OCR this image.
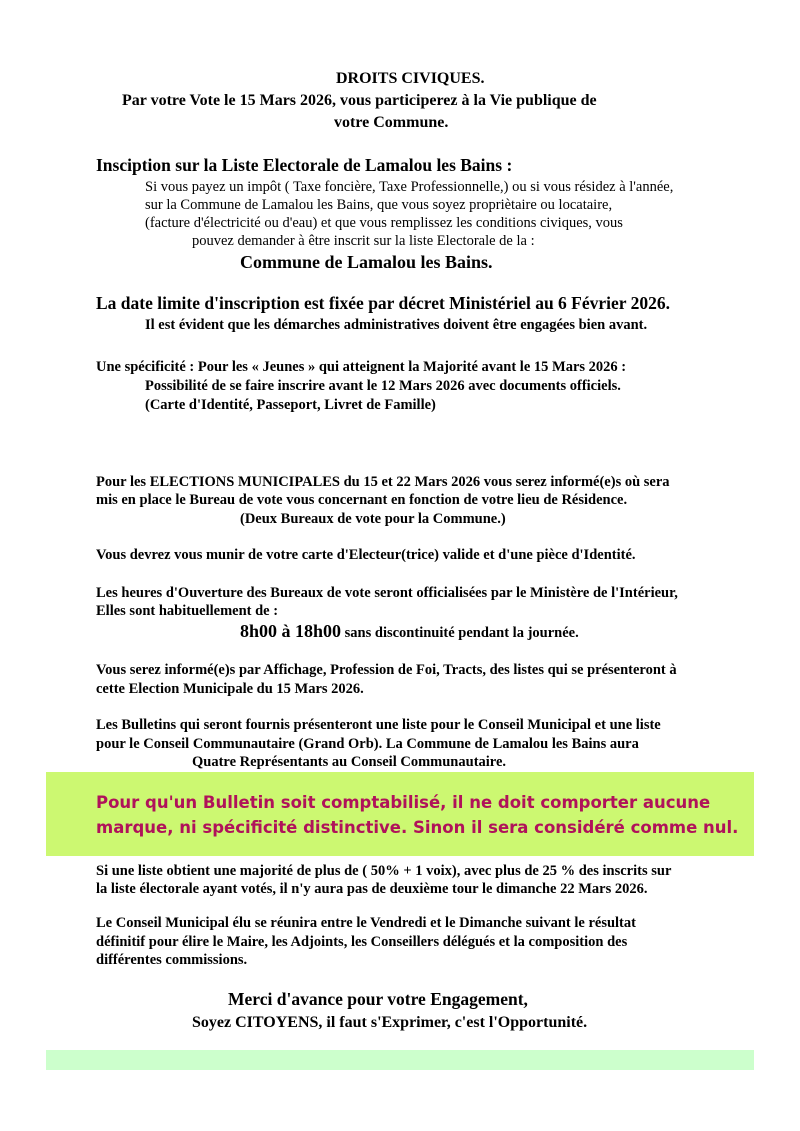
DROITS CIVIQUES.
Par votre Vote le 15 Mars 2026, vous participerez à la Vie publique de
votre Commune.
Insciption sur la Liste Electorale de Lamalou les Bains :
Si vous payez un impôt ( Taxe foncière, Taxe Professionnelle,) ou si vous résidez à l'année,
sur la Commune de Lamalou les Bains, que vous soyez propriètaire ou locataire,
(facture d'électricité ou d'eau) et que vous remplissez les conditions civiques, vous
pouvez demander à être inscrit sur la liste Electorale de la :
Commune de Lamalou les Bains.
La date limite d'inscription est fixée par décret Ministériel au 6 Février 2026.
Il est évident que les démarches administratives doivent être engagées bien avant.
Une spécificité : Pour les « Jeunes » qui atteignent la Majorité avant le 15 Mars 2026 :
Possibilité de se faire inscrire avant le 12 Mars 2026 avec documents officiels.
(Carte d'Identité, Passeport, Livret de Famille)
Pour les ELECTIONS MUNICIPALES du 15 et 22 Mars 2026 vous serez informé(e)s où sera
mis en place le Bureau de vote vous concernant en fonction de votre lieu de Résidence.
(Deux Bureaux de vote pour la Commune.)
Vous devrez vous munir de votre carte d'Electeur(trice) valide et d'une pièce d'Identité.
Les heures d'Ouverture des Bureaux de vote seront officialisées par le Ministère de l'Intérieur,
Elles sont habituellement de :
8h00 à 18h00 sans discontinuité pendant la journée.
Vous serez informé(e)s par Affichage, Profession de Foi, Tracts, des listes qui se présenteront à
cette Election Municipale du 15 Mars 2026.
Les Bulletins qui seront fournis présenteront une liste pour le Conseil Municipal et une liste
pour le Conseil Communautaire (Grand Orb). La Commune de Lamalou les Bains aura
Quatre Représentants au Conseil Communautaire.
Pour qu'un Bulletin soit comptabilisé, il ne doit comporter aucune
marque, ni spécificité distinctive. Sinon il sera considéré comme nul.
Si une liste obtient une majorité de plus de ( 50% + 1 voix), avec plus de 25 % des inscrits sur
la liste électorale ayant votés, il n'y aura pas de deuxième tour le dimanche 22 Mars 2026.
Le Conseil Municipal élu se réunira entre le Vendredi et le Dimanche suivant le résultat
définitif pour élire le Maire, les Adjoints, les Conseillers délégués et la composition des
différentes commissions.
Merci d'avance pour votre Engagement,
Soyez CITOYENS, il faut s'Exprimer, c'est l'Opportunité.
